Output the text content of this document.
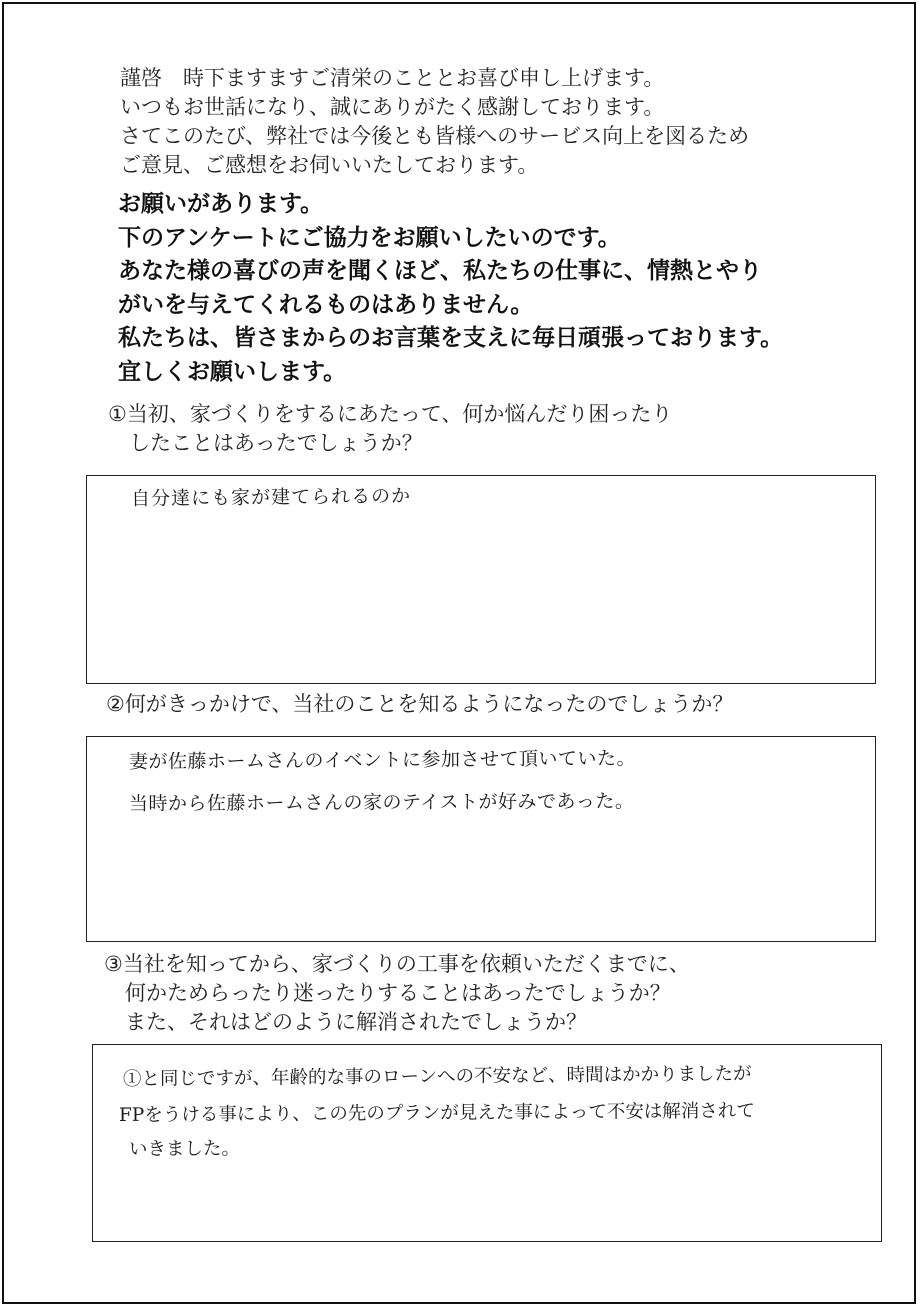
謹啓　時下ますますご清栄のこととお喜び申し上げます。
いつもお世話になり、誠にありがたく感謝しております。
さてこのたび、弊社では今後とも皆様へのサービス向上を図るため
ご意見、ご感想をお伺いいたしております。
お願いがあります。
下のアンケートにご協力をお願いしたいのです。
あなた様の喜びの声を聞くほど、私たちの仕事に、情熱とやり
がいを与えてくれるものはありません。
私たちは、皆さまからのお言葉を支えに毎日頑張っております。
宜しくお願いします。
①当初、家づくりをするにあたって、何か悩んだり困ったり
　したことはあったでしょうか？
自分達にも家が建てられるのか
②何がきっかけで、当社のことを知るようになったのでしょうか？
妻が佐藤ホームさんのイベントに参加させて頂いていた。
当時から佐藤ホームさんの家のテイストが好みであった。
③当社を知ってから、家づくりの工事を依頼いただくまでに、
　何かためらったり迷ったりすることはあったでしょうか？
　また、それはどのように解消されたでしょうか？
①と同じですが、年齢的な事のローンへの不安など、時間はかかりましたが
FPをうける事により、この先のプランが見えた事によって不安は解消されて
いきました。
